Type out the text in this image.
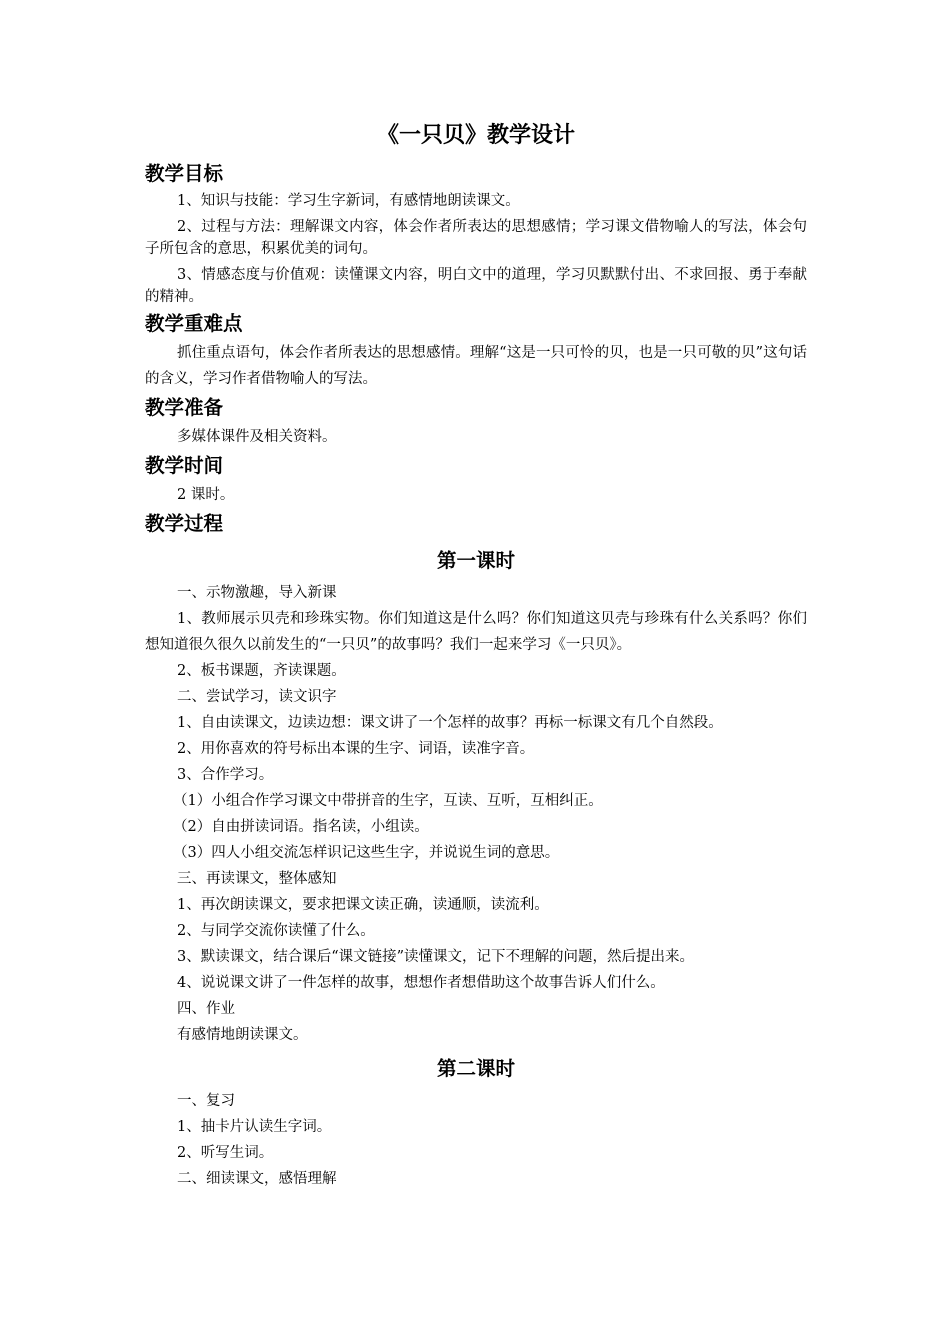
《一只贝》教学设计
教学目标

1、知识与技能：学习生字新词，有感情地朗读课文。

2、过程与方法：理解课文内容，体会作者所表达的思想感情；学习课文借物喻人的写法，体会句子所包含的意思，积累优美的词句。

3、情感态度与价值观：读懂课文内容，明白文中的道理，学习贝默默付出、不求回报、勇于奉献的精神。

教学重难点

抓住重点语句，体会作者所表达的思想感情。理解“这是一只可怜的贝，也是一只可敬的贝”这句话的含义，学习作者借物喻人的写法。

教学准备

多媒体课件及相关资料。

教学时间

2 课时。

教学过程
第一课时

一、示物激趣，导入新课

1、教师展示贝壳和珍珠实物。你们知道这是什么吗？你们知道这贝壳与珍珠有什么关系吗？你们想知道很久很久以前发生的“一只贝”的故事吗？我们一起来学习《一只贝》。

2、板书课题，齐读课题。

二、尝试学习，读文识字

1、自由读课文，边读边想：课文讲了一个怎样的故事？再标一标课文有几个自然段。

2、用你喜欢的符号标出本课的生字、词语，读准字音。

3、合作学习。

（1）小组合作学习课文中带拼音的生字，互读、互听，互相纠正。

（2）自由拼读词语。指名读，小组读。

（3）四人小组交流怎样识记这些生字，并说说生词的意思。

三、再读课文，整体感知

1、再次朗读课文，要求把课文读正确，读通顺，读流利。

2、与同学交流你读懂了什么。

3、默读课文，结合课后“课文链接”读懂课文，记下不理解的问题，然后提出来。

4、说说课文讲了一件怎样的故事，想想作者想借助这个故事告诉人们什么。

四、作业

有感情地朗读课文。

第二课时

一、复习

1、抽卡片认读生字词。

2、听写生词。

二、细读课文，感悟理解
